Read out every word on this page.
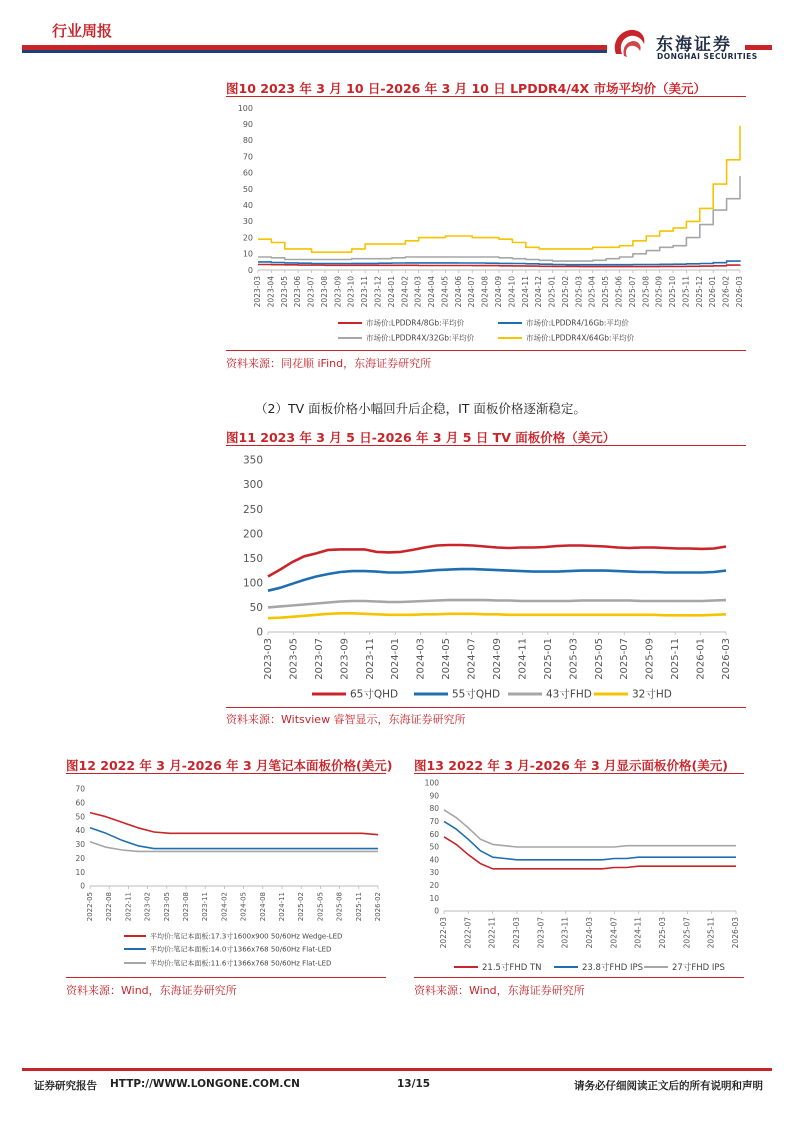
行业周报
东海证券
DONGHAI SECURITIES
图10 2023 年 3 月 10 日-2026 年 3 月 10 日 LPDDR4/4X 市场平均价（美元）
0
10
20
30
40
50
60
70
80
90
100
2023-03 2023-04 2023-05 2023-06 2023-07 2023-08 2023-09 2023-10 2023-11 2023-12 2024-01 2024-02 2024-03 2024-04 2024-05 2024-06 2024-07 2024-08 2024-09 2024-10 2024-11 2024-12 2025-01 2025-02 2025-03 2025-04 2025-05 2025-06 2025-07 2025-08 2025-09 2025-10 2025-11 2025-12 2026-01 2026-02 2026-03
市场价:LPDDR4/8Gb:平均价	市场价:LPDDR4/16Gb:平均价
市场价:LPDDR4X/32Gb:平均价	市场价:LPDDR4X/64Gb:平均价
资料来源：同花顺 iFind，东海证券研究所
（2）TV 面板价格小幅回升后企稳，IT 面板价格逐渐稳定。
图11 2023 年 3 月 5 日-2026 年 3 月 5 日 TV 面板价格（美元）
0
50
100
150
200
250
300
350
2023-03 2023-05 2023-07 2023-09 2023-11 2024-01 2024-03 2024-05 2024-07 2024-09 2024-11 2025-01 2025-03 2025-05 2025-07 2025-09 2025-11 2026-01 2026-03
65寸QHD	55寸QHD	43寸FHD	32寸HD
资料来源：Witsview 睿智显示，东海证券研究所
图12 2022 年 3 月-2026 年 3 月笔记本面板价格(美元)
0
10
20
30
40
50
60
70
2022-05 2022-08 2022-11 2023-02 2023-05 2023-08 2023-11 2024-02 2024-05 2024-08 2024-11 2025-02 2025-05 2025-08 2025-11 2026-02
平均价:笔记本面板:17.3寸1600x900 50/60Hz Wedge-LED
平均价:笔记本面板:14.0寸1366x768 50/60Hz Flat-LED
平均价:笔记本面板:11.6寸1366x768 50/60Hz Flat-LED
资料来源：Wind，东海证券研究所
图13 2022 年 3 月-2026 年 3 月显示面板价格(美元)
0
10
20
30
40
50
60
70
80
90
100
2022-03 2022-07 2022-11 2023-03 2023-07 2023-11 2024-03 2024-07 2024-11 2025-03 2025-07 2025-11 2026-03
21.5寸FHD TN	23.8寸FHD IPS	27寸FHD IPS
资料来源：Wind，东海证券研究所
证券研究报告 HTTP://WWW.LONGONE.COM.CN	13/15	请务必仔细阅读正文后的所有说明和声明
